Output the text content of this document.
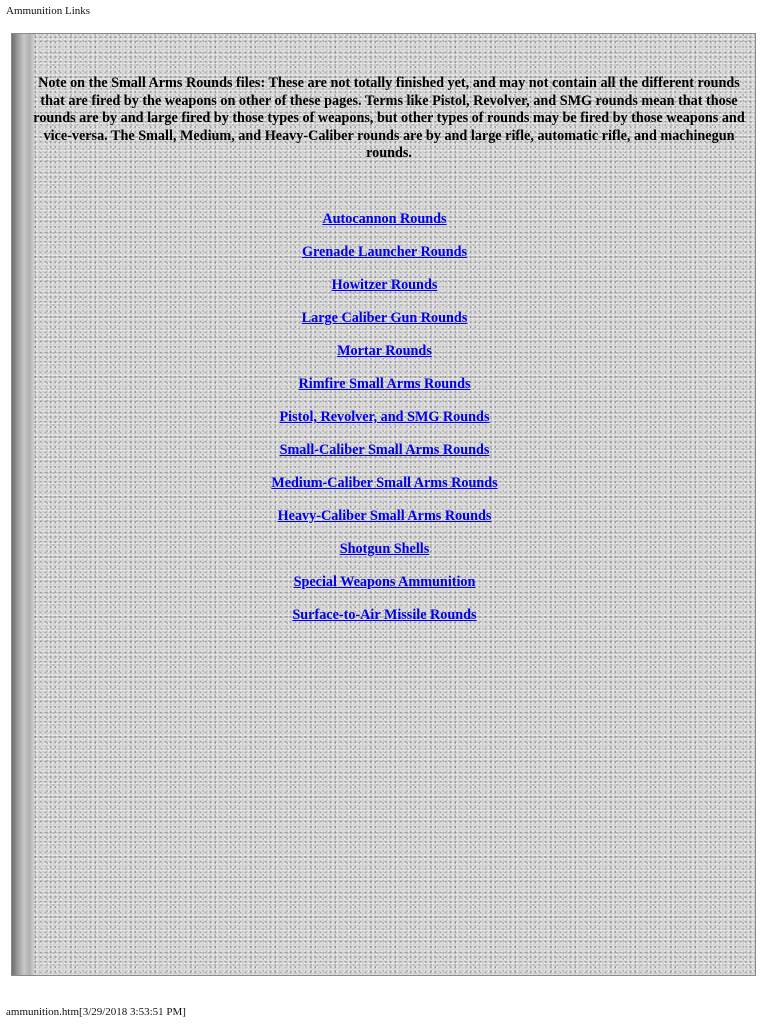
Ammunition Links

Note on the Small Arms Rounds files: These are not totally finished yet, and may not contain all the different rounds that are fired by the weapons on other of these pages. Terms like Pistol, Revolver, and SMG rounds mean that those rounds are by and large fired by those types of weapons, but other types of rounds may be fired by those weapons and vice-versa. The Small, Medium, and Heavy-Caliber rounds are by and large rifle, automatic rifle, and machinegun rounds.

Autocannon Rounds
Grenade Launcher Rounds
Howitzer Rounds
Large Caliber Gun Rounds
Mortar Rounds
Rimfire Small Arms Rounds
Pistol, Revolver, and SMG Rounds
Small-Caliber Small Arms Rounds
Medium-Caliber Small Arms Rounds
Heavy-Caliber Small Arms Rounds
Shotgun Shells
Special Weapons Ammunition
Surface-to-Air Missile Rounds
ammunition.htm[3/29/2018 3:53:51 PM]
